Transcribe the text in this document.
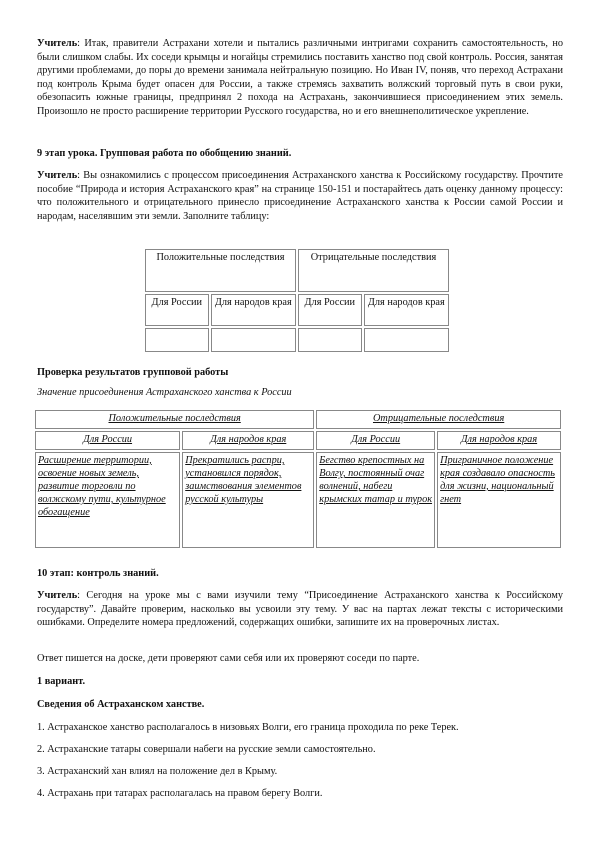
Учитель: Итак, правители Астрахани хотели и пытались различными интригами сохранить самостоятельность, но были слишком слабы. Их соседи крымцы и ногайцы стремились поставить ханство под свой контроль. Россия, занятая другими проблемами, до поры до времени занимала нейтральную позицию. Но Иван IV, поняв, что переход Астрахани под контроль Крыма будет опасен для России, а также стремясь захватить волжский торговый путь в свои руки, обезопасить южные границы, предпринял 2 похода на Астрахань, закончившиеся присоединением этих земель. Произошло не просто расширение территории Русского государства, но и его внешнеполитическое укрепление.

9 этап урока. Групповая работа по обобщению знаний.

Учитель: Вы ознакомились с процессом присоединения Астраханского ханства к Российскому государству. Прочтите пособие “Природа и история Астраханского края” на странице 150-151 и постарайтесь дать оценку данному процессу: что положительного и отрицательного принесло присоединение Астраханского ханства к России самой России и народам, населявшим эти земли. Заполните таблицу:

Положительные последствия		Отрицательные последствия	
Для России	Для народов края	Для России	Для народов края

Проверка результатов групповой работы

Значение присоединения Астраханского ханства к России

Положительные последствия		Отрицательные последствия	
Для России	Для народов края	Для России	Для народов края
Расширение территории, освоение новых земель, развитие торговли по волжскому пути, культурное обогащение	Прекратились распри, установился порядок, заимствования элементов русской культуры	Бегство крепостных на Волгу, постоянный очаг волнений, набеги крымских татар и турок	Приграничное положение края создавало опасность для жизни, национальный гнет

10 этап: контроль знаний.

Учитель: Сегодня на уроке мы с вами изучили тему “Присоединение Астраханского ханства к Российскому государству”. Давайте проверим, насколько вы усвоили эту тему. У вас на партах лежат тексты с историческими ошибками. Определите номера предложений, содержащих ошибки, запишите их на проверочных листах.

Ответ пишется на доске, дети проверяют сами себя или их проверяют соседи по парте.

1 вариант.

Сведения об Астраханском ханстве.

1. Астраханское ханство располагалось в низовьях Волги, его граница проходила по реке Терек.

2. Астраханские татары совершали набеги на русские земли самостоятельно.

3. Астраханский хан влиял на положение дел в Крыму.

4. Астрахань при татарах располагалась на правом берегу Волги.
